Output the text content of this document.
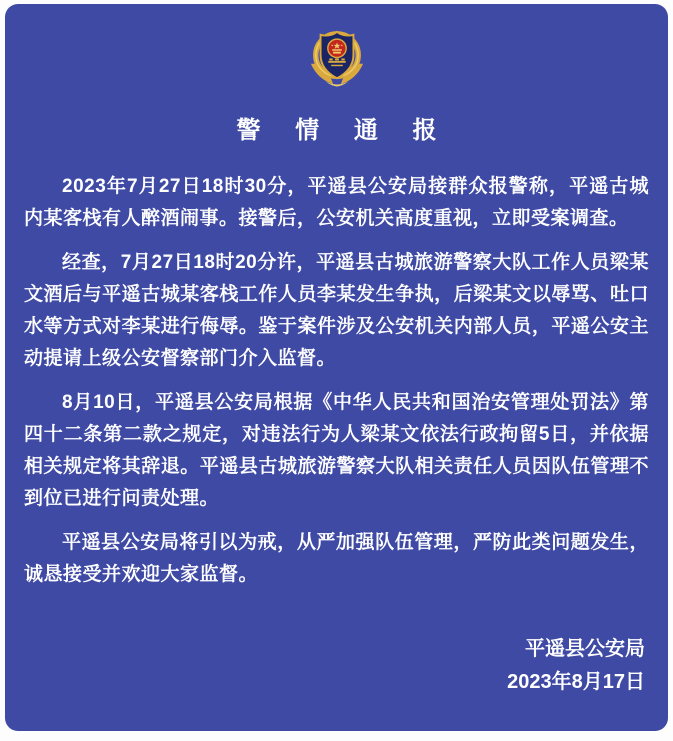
警 情 通 报

2023年7月27日18时30分，平遥县公安局接群众报警称，平遥古城内某客栈有人醉酒闹事。接警后，公安机关高度重视，立即受案调查。

经查，7月27日18时20分许，平遥县古城旅游警察大队工作人员梁某文酒后与平遥古城某客栈工作人员李某发生争执，后梁某文以辱骂、吐口水等方式对李某进行侮辱。鉴于案件涉及公安机关内部人员，平遥公安主动提请上级公安督察部门介入监督。

8月10日，平遥县公安局根据《中华人民共和国治安管理处罚法》第四十二条第二款之规定，对违法行为人梁某文依法行政拘留5日，并依据相关规定将其辞退。平遥县古城旅游警察大队相关责任人员因队伍管理不到位已进行问责处理。

平遥县公安局将引以为戒，从严加强队伍管理，严防此类问题发生，诚恳接受并欢迎大家监督。

平遥县公安局
2023年8月17日
